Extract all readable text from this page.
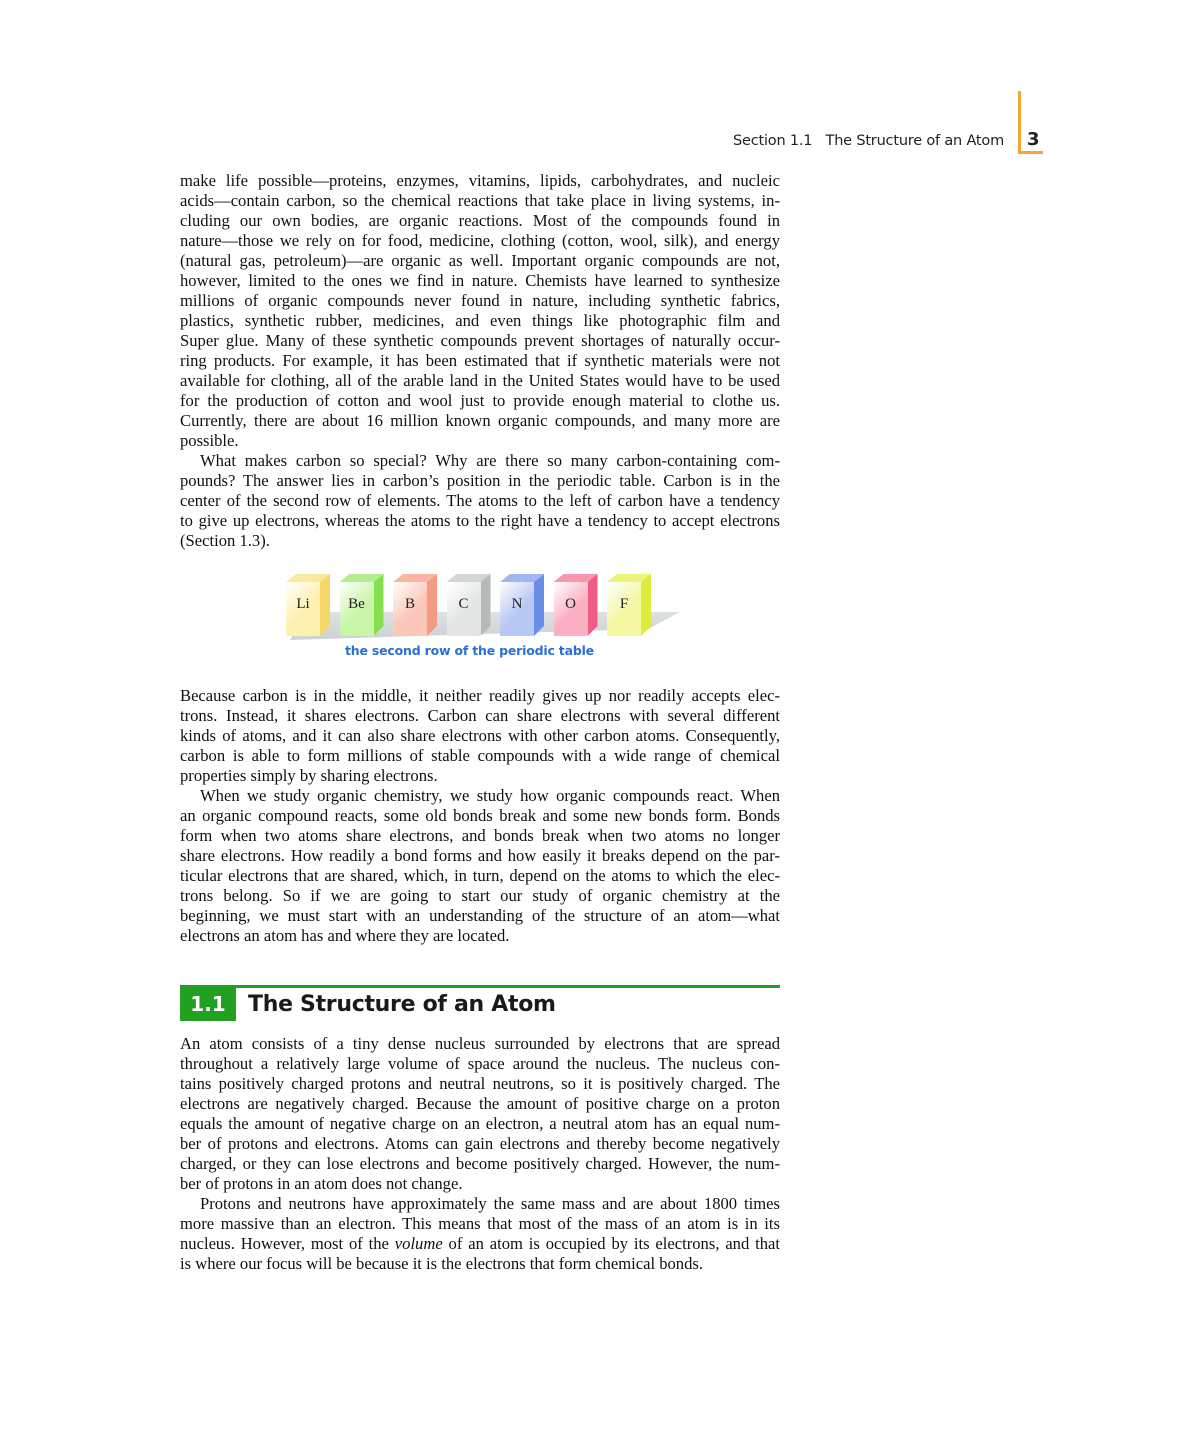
Section 1.1   The Structure of an Atom 3
make life possible—proteins, enzymes, vitamins, lipids, carbohydrates, and nucleic
acids—contain carbon, so the chemical reactions that take place in living systems, in-
cluding our own bodies, are organic reactions. Most of the compounds found in
nature—those we rely on for food, medicine, clothing (cotton, wool, silk), and energy
(natural gas, petroleum)—are organic as well. Important organic compounds are not,
however, limited to the ones we find in nature. Chemists have learned to synthesize
millions of organic compounds never found in nature, including synthetic fabrics,
plastics, synthetic rubber, medicines, and even things like photographic film and
Super glue. Many of these synthetic compounds prevent shortages of naturally occur-
ring products. For example, it has been estimated that if synthetic materials were not
available for clothing, all of the arable land in the United States would have to be used
for the production of cotton and wool just to provide enough material to clothe us.
Currently, there are about 16 million known organic compounds, and many more are
possible.
What makes carbon so special? Why are there so many carbon-containing com-
pounds? The answer lies in carbon’s position in the periodic table. Carbon is in the
center of the second row of elements. The atoms to the left of carbon have a tendency
to give up electrons, whereas the atoms to the right have a tendency to accept electrons
(Section 1.3).
Li	Be	B	C	N	O	F
the second row of the periodic table
Because carbon is in the middle, it neither readily gives up nor readily accepts elec-
trons. Instead, it shares electrons. Carbon can share electrons with several different
kinds of atoms, and it can also share electrons with other carbon atoms. Consequently,
carbon is able to form millions of stable compounds with a wide range of chemical
properties simply by sharing electrons.
When we study organic chemistry, we study how organic compounds react. When
an organic compound reacts, some old bonds break and some new bonds form. Bonds
form when two atoms share electrons, and bonds break when two atoms no longer
share electrons. How readily a bond forms and how easily it breaks depend on the par-
ticular electrons that are shared, which, in turn, depend on the atoms to which the elec-
trons belong. So if we are going to start our study of organic chemistry at the
beginning, we must start with an understanding of the structure of an atom—what
electrons an atom has and where they are located.
1.1	The Structure of an Atom
An atom consists of a tiny dense nucleus surrounded by electrons that are spread
throughout a relatively large volume of space around the nucleus. The nucleus con-
tains positively charged protons and neutral neutrons, so it is positively charged. The
electrons are negatively charged. Because the amount of positive charge on a proton
equals the amount of negative charge on an electron, a neutral atom has an equal num-
ber of protons and electrons. Atoms can gain electrons and thereby become negatively
charged, or they can lose electrons and become positively charged. However, the num-
ber of protons in an atom does not change.
Protons and neutrons have approximately the same mass and are about 1800 times
more massive than an electron. This means that most of the mass of an atom is in its
nucleus. However, most of the volume of an atom is occupied by its electrons, and that
is where our focus will be because it is the electrons that form chemical bonds.
